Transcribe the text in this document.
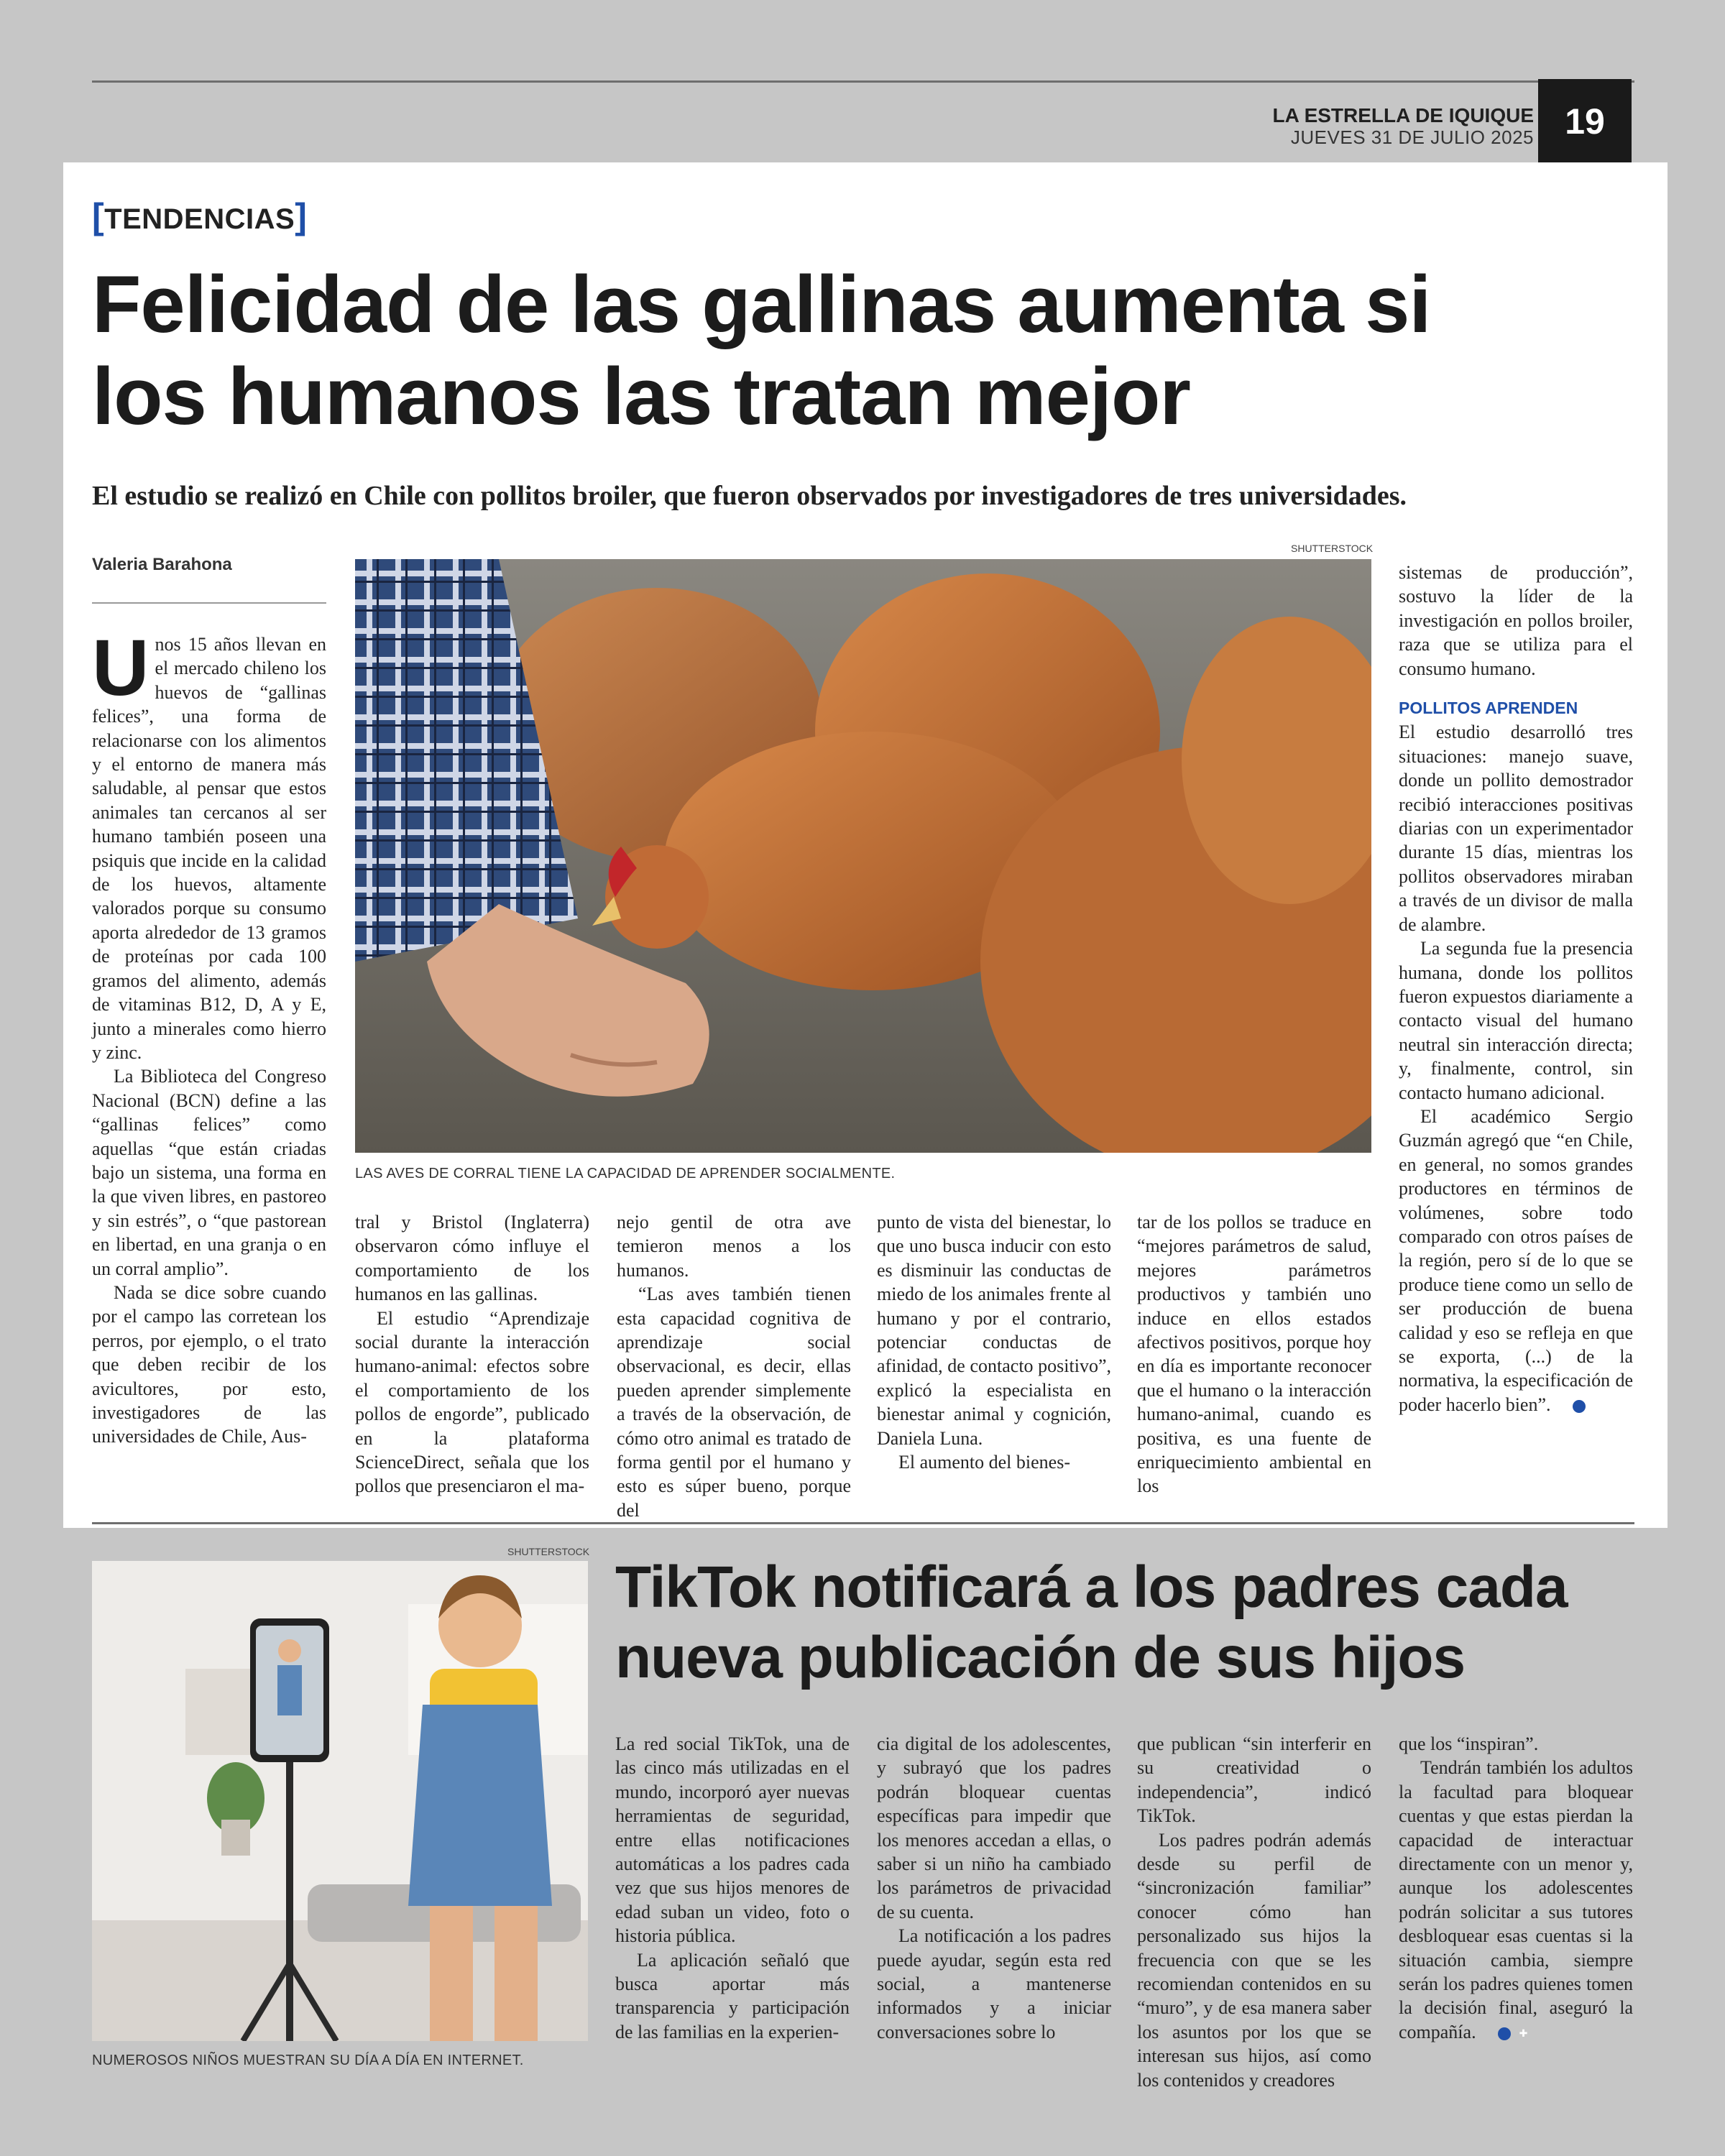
LA ESTRELLA DE IQUIQUE
JUEVES 31 DE JULIO 2025 19
[TENDENCIAS]
Felicidad de las gallinas aumenta si
los humanos las tratan mejor
El estudio se realizó en Chile con pollitos broiler, que fueron observados por investigadores de tres universidades.
Valeria Barahona
SHUTTERSTOCK
LAS AVES DE CORRAL TIENE LA CAPACIDAD DE APRENDER SOCIALMENTE.

Unos 15 años llevan en el mercado chileno los huevos de “gallinas felices”, una forma de relacionarse con los alimentos y el entorno de manera más saludable, al pensar que estos animales tan cercanos al ser humano también poseen una psiquis que incide en la calidad de los huevos, altamente valorados porque su consumo aporta alrededor de 13 gramos de proteínas por cada 100 gramos del alimento, además de vitaminas B12, D, A y E, junto a minerales como hierro y zinc.

La Biblioteca del Congreso Nacional (BCN) define a las “gallinas felices” como aquellas “que están criadas bajo un sistema, una forma en la que viven libres, en pastoreo y sin estrés”, o “que pastorean en libertad, en una granja o en un corral amplio”.

Nada se dice sobre cuando por el campo las corretean los perros, por ejemplo, o el trato que deben recibir de los avicultores, por esto, investigadores de las universidades de Chile, Aus-

tral y Bristol (Inglaterra) observaron cómo influye el comportamiento de los humanos en las gallinas.

El estudio “Aprendizaje social durante la interacción humano-animal: efectos sobre el comportamiento de los pollos de engorde”, publicado en la plataforma ScienceDirect, señala que los pollos que presenciaron el ma-

nejo gentil de otra ave temieron menos a los humanos.

“Las aves también tienen esta capacidad cognitiva de aprendizaje social observacional, es decir, ellas pueden aprender simplemente a través de la observación, de cómo otro animal es tratado de forma gentil por el humano y esto es súper bueno, porque del

punto de vista del bienestar, lo que uno busca inducir con esto es disminuir las conductas de miedo de los animales frente al humano y por el contrario, potenciar conductas de afinidad, de contacto positivo”, explicó la especialista en bienestar animal y cognición, Daniela Luna.

El aumento del bienes-

tar de los pollos se traduce en “mejores parámetros de salud, mejores parámetros productivos y también uno induce en ellos estados afectivos positivos, porque hoy en día es importante reconocer que el humano o la interacción humano-animal, cuando es positiva, es una fuente de enriquecimiento ambiental en los

sistemas de producción”, sostuvo la líder de la investigación en pollos broiler, raza que se utiliza para el consumo humano.

POLLITOS APRENDEN

El estudio desarrolló tres situaciones: manejo suave, donde un pollito demostrador recibió interacciones positivas diarias con un experimentador durante 15 días, mientras los pollitos observadores miraban a través de un divisor de malla de alambre.

La segunda fue la presencia humana, donde los pollitos fueron expuestos diariamente a contacto visual del humano neutral sin interacción directa; y, finalmente, control, sin contacto humano adicional.

El académico Sergio Guzmán agregó que “en Chile, en general, no somos grandes productores en términos de volúmenes, sobre todo comparado con otros países de la región, pero sí de lo que se produce tiene como un sello de ser producción de buena calidad y eso se refleja en que se exporta, (...) de la normativa, la especificación de poder hacerlo bien”.	✚

SHUTTERSTOCK
NUMEROSOS NIÑOS MUESTRAN SU DÍA A DÍA EN INTERNET.
TikTok notificará a los padres cada
nueva publicación de sus hijos

La red social TikTok, una de las cinco más utilizadas en el mundo, incorporó ayer nuevas herramientas de seguridad, entre ellas notificaciones automáticas a los padres cada vez que sus hijos menores de edad suban un video, foto o historia pública.

La aplicación señaló que busca aportar más transparencia y participación de las familias en la experien-

cia digital de los adolescentes, y subrayó que los padres podrán bloquear cuentas específicas para impedir que los menores accedan a ellas, o saber si un niño ha cambiado los parámetros de privacidad de su cuenta.

La notificación a los padres puede ayudar, según esta red social, a mantenerse informados y a iniciar conversaciones sobre lo

que publican “sin interferir en su creatividad o independencia”, indicó TikTok.

Los padres podrán además desde su perfil de “sincronización familiar” conocer cómo han personalizado sus hijos la frecuencia con que se les recomiendan contenidos en su “muro”, y de esa manera saber los asuntos por los que se interesan sus hijos, así como los contenidos y creadores

que los “inspiran”.

Tendrán también los adultos la facultad para bloquear cuentas y que estas pierdan la capacidad de interactuar directamente con un menor y, aunque los adolescentes podrán solicitar a sus tutores desbloquear esas cuentas si la situación cambia, siempre serán los padres quienes tomen la decisión final, aseguró la compañía.	✚
